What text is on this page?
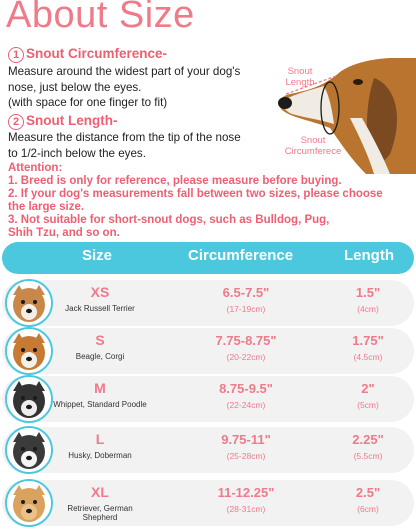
About Size
1 Snout Circumference-
Measure around the widest part of your dog's
nose, just below the eyes.
(with space for one finger to fit)
2 Snout Length-
Measure the distance from the tip of the nose
to 1/2-inch below the eyes.
Snout
Length
Snout
Circumferece
Attention:
1. Breed is only for reference, please measure before buying.
2. If your dog's measurements fall between two sizes, please choose
the large size.
3. Not suitable for short-snout dogs, such as Bulldog, Pug,
Shih Tzu, and so on.
Size	Circumference	Length
XS
Jack Russell Terrier
6.5-7.5"
(17-19cm)
1.5"
(4cm)
S
Beagle, Corgi
7.75-8.75"
(20-22cm)
1.75"
(4.5cm)
M
Whippet, Standard Poodle
8.75-9.5"
(22-24cm)
2"
(5cm)
L
Husky, Doberman
9.75-11"
(25-28cm)
2.25"
(5.5cm)
XL
Retriever, German Shepherd
11-12.25"
(28-31cm)
2.5"
(6cm)
